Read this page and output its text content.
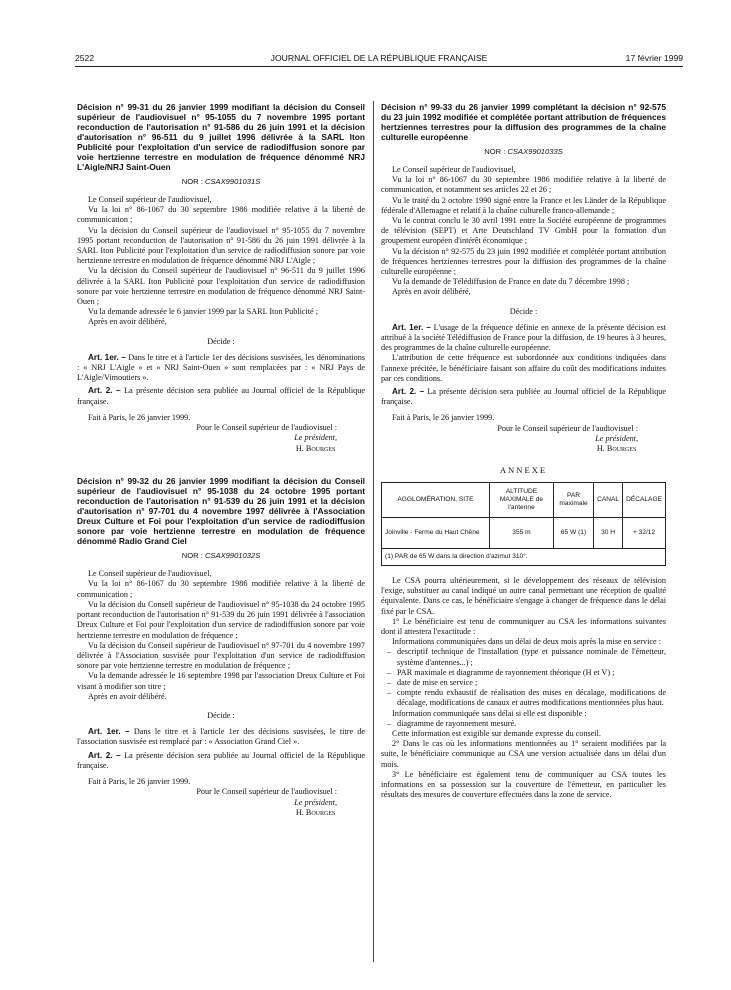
2522	JOURNAL OFFICIEL DE LA RÉPUBLIQUE FRANÇAISE	17 février 1999
Décision n° 99-31 du 26 janvier 1999 modifiant la décision du Conseil supérieur de l'audiovisuel n° 95-1055 du 7 novembre 1995 portant reconduction de l'autorisation n° 91-586 du 26 juin 1991 et la décision d'autorisation n° 96-511 du 9 juillet 1996 délivrée à la SARL Iton Publicité pour l'exploitation d'un service de radiodiffusion sonore par voie hertzienne terrestre en modulation de fréquence dénommé NRJ L'Aigle/NRJ Saint-Ouen
NOR : CSAX9901031S

Le Conseil supérieur de l'audiovisuel,

Vu la loi n° 86-1067 du 30 septembre 1986 modifiée relative à la liberté de communication ;

Vu la décision du Conseil supérieur de l'audiovisuel n° 95-1055 du 7 novembre 1995 portant reconduction de l'autorisation n° 91-586 du 26 juin 1991 délivrée à la SARL Iton Publicité pour l'exploitation d'un service de radiodiffusion sonore par voie hertzienne terrestre en modulation de fréquence dénommé NRJ L'Aigle ;

Vu la décision du Conseil supérieur de l'audiovisuel n° 96-511 du 9 juillet 1996 délivrée à la SARL Iton Publicité pour l'exploitation d'un service de radiodiffusion sonore par voie hertzienne terrestre en modulation de fréquence dénommé NRJ Saint-Ouen ;

Vu la demande adressée le 6 janvier 1999 par la SARL Iton Publicité ;

Après en avoir délibéré,

Décide :

Art. 1er. – Dans le titre et à l'article 1er des décisions susvisées, les dénominations : « NRJ L'Aigle » et « NRJ Saint-Ouen » sont remplacées par : « NRJ Pays de L'Aigle/Vimoutiers ».

Art. 2. – La présente décision sera publiée au Journal officiel de la République française.

Fait à Paris, le 26 janvier 1999.

Pour le Conseil supérieur de l'audiovisuel :
Le président,
H. Bourges
Décision n° 99-32 du 26 janvier 1999 modifiant la décision du Conseil supérieur de l'audiovisuel n° 95-1038 du 24 octobre 1995 portant reconduction de l'autorisation n° 91-539 du 26 juin 1991 et la décision d'autorisation n° 97-701 du 4 novembre 1997 délivrée à l'Association Dreux Culture et Foi pour l'exploitation d'un service de radiodiffusion sonore par voie hertzienne terrestre en modulation de fréquence dénommé Radio Grand Ciel
NOR : CSAX9901032S

Le Conseil supérieur de l'audiovisuel,

Vu la loi n° 86-1067 du 30 septembre 1986 modifiée relative à la liberté de communication ;

Vu la décision du Conseil supérieur de l'audiovisuel n° 95-1038 du 24 octobre 1995 portant reconduction de l'autorisation n° 91-539 du 26 juin 1991 délivrée à l'association Dreux Culture et Foi pour l'exploitation d'un service de radiodiffusion sonore par voie hertzienne terrestre en modulation de fréquence ;

Vu la décision du Conseil supérieur de l'audiovisuel n° 97-701 du 4 novembre 1997 délivrée à l'Association susvisée pour l'exploitation d'un service de radiodiffusion sonore par voie hertzienne terrestre en modulation de fréquence ;

Vu la demande adressée le 16 septembre 1998 par l'association Dreux Culture et Foi visant à modifier son titre ;

Après en avoir délibéré.

Décide :

Art. 1er. – Dans le titre et à l'article 1er des décisions susvisées, le titre de l'association susvisée est remplacé par : « Association Grand Ciel ».

Art. 2. – La présente décision sera publiée au Journal officiel de la République française.

Fait à Paris, le 26 janvier 1999.

Pour le Conseil supérieur de l'audiovisuel :
Le président,
H. Bourges
Décision n° 99-33 du 26 janvier 1999 complétant la décision n° 92-575 du 23 juin 1992 modifiée et complétée portant attribution de fréquences hertziennes terrestres pour la diffusion des programmes de la chaîne culturelle européenne
NOR : CSAX9901033S

Le Conseil supérieur de l'audiovisuel,

Vu la loi n° 86-1067 du 30 septembre 1986 modifiée relative à la liberté de communication, et notamment ses articles 22 et 26 ;

Vu le traité du 2 octobre 1990 signé entre la France et les Länder de la République fédérale d'Allemagne et relatif à la chaîne culturelle franco-allemande ;

Vu le contrat conclu le 30 avril 1991 entre la Société européenne de programmes de télévision (SEPT) et Arte Deutschland TV GmbH pour la formation d'un groupement européen d'intérêt économique ;

Vu la décision n° 92-575 du 23 juin 1992 modifiée et complétée portant attribution de fréquences hertziennes terrestres pour la diffusion des programmes de la chaîne culturelle européenne ;

Vu la demande de Télédiffusion de France en date du 7 décembre 1998 ;

Après en avoir délibéré,

Décide :

Art. 1er. – L'usage de la fréquence définie en annexe de la présente décision est attribué à la société Télédiffusion de France pour la diffusion, de 19 heures à 3 heures, des programmes de la chaîne culturelle européenne.

L'attribution de cette fréquence est subordonnée aux conditions indiquées dans l'annexe précitée, le bénéficiaire faisant son affaire du coût des modifications induites par ces conditions.

Art. 2. – La présente décision sera publiée au Journal officiel de la République française.

Fait à Paris, le 26 janvier 1999.

Pour le Conseil supérieur de l'audiovisuel :
Le président,
H. Bourges
ANNEXE
AGGLOMÉRATION, SITE	ALTITUDE MAXIMALE de l'antenne	PAR maximale	CANAL	DÉCALAGE
Joinville - Ferme du Haut Chêne	355 m	65 W (1)	30 H	+ 32/12
(1) PAR de 65 W dans la direction d'azimut 310°.				

Le CSA pourra ultérieurement, si le développement des réseaux de télévision l'exige, substituer au canal indiqué un autre canal permettant une réception de qualité équivalente. Dans ce cas, le bénéficiaire s'engage à changer de fréquence dans le délai fixé par le CSA.

1° Le bénéficiaire est tenu de communiquer au CSA les informations suivantes dont il attestera l'exactitude :

Informations communiquées dans un délai de deux mois après la mise en service :

– descriptif technique de l'installation (type et puissance nominale de l'émetteur, système d'antennes...) ;
– PAR maximale et diagramme de rayonnement théorique (H et V) ;
– date de mise en service ;
– compte rendu exhaustif de réalisation des mises en décalage, modifications de décalage, modifications de canaux et autres modifications mentionnées plus haut.

Information communiquée sans délai si elle est disponible :

– diagramme de rayonnement mesuré.

Cette information est exigible sur demande expresse du conseil.

2° Dans le cas où les informations mentionnées au 1° seraient modifiées par la suite, le bénéficiaire communique au CSA une version actualisée dans un délai d'un mois.

3° Le bénéficiaire est également tenu de communiquer au CSA toutes les informations en sa possession sur la couverture de l'émetteur, en particulier les résultats des mesures de couverture effectuées dans la zone de service.
